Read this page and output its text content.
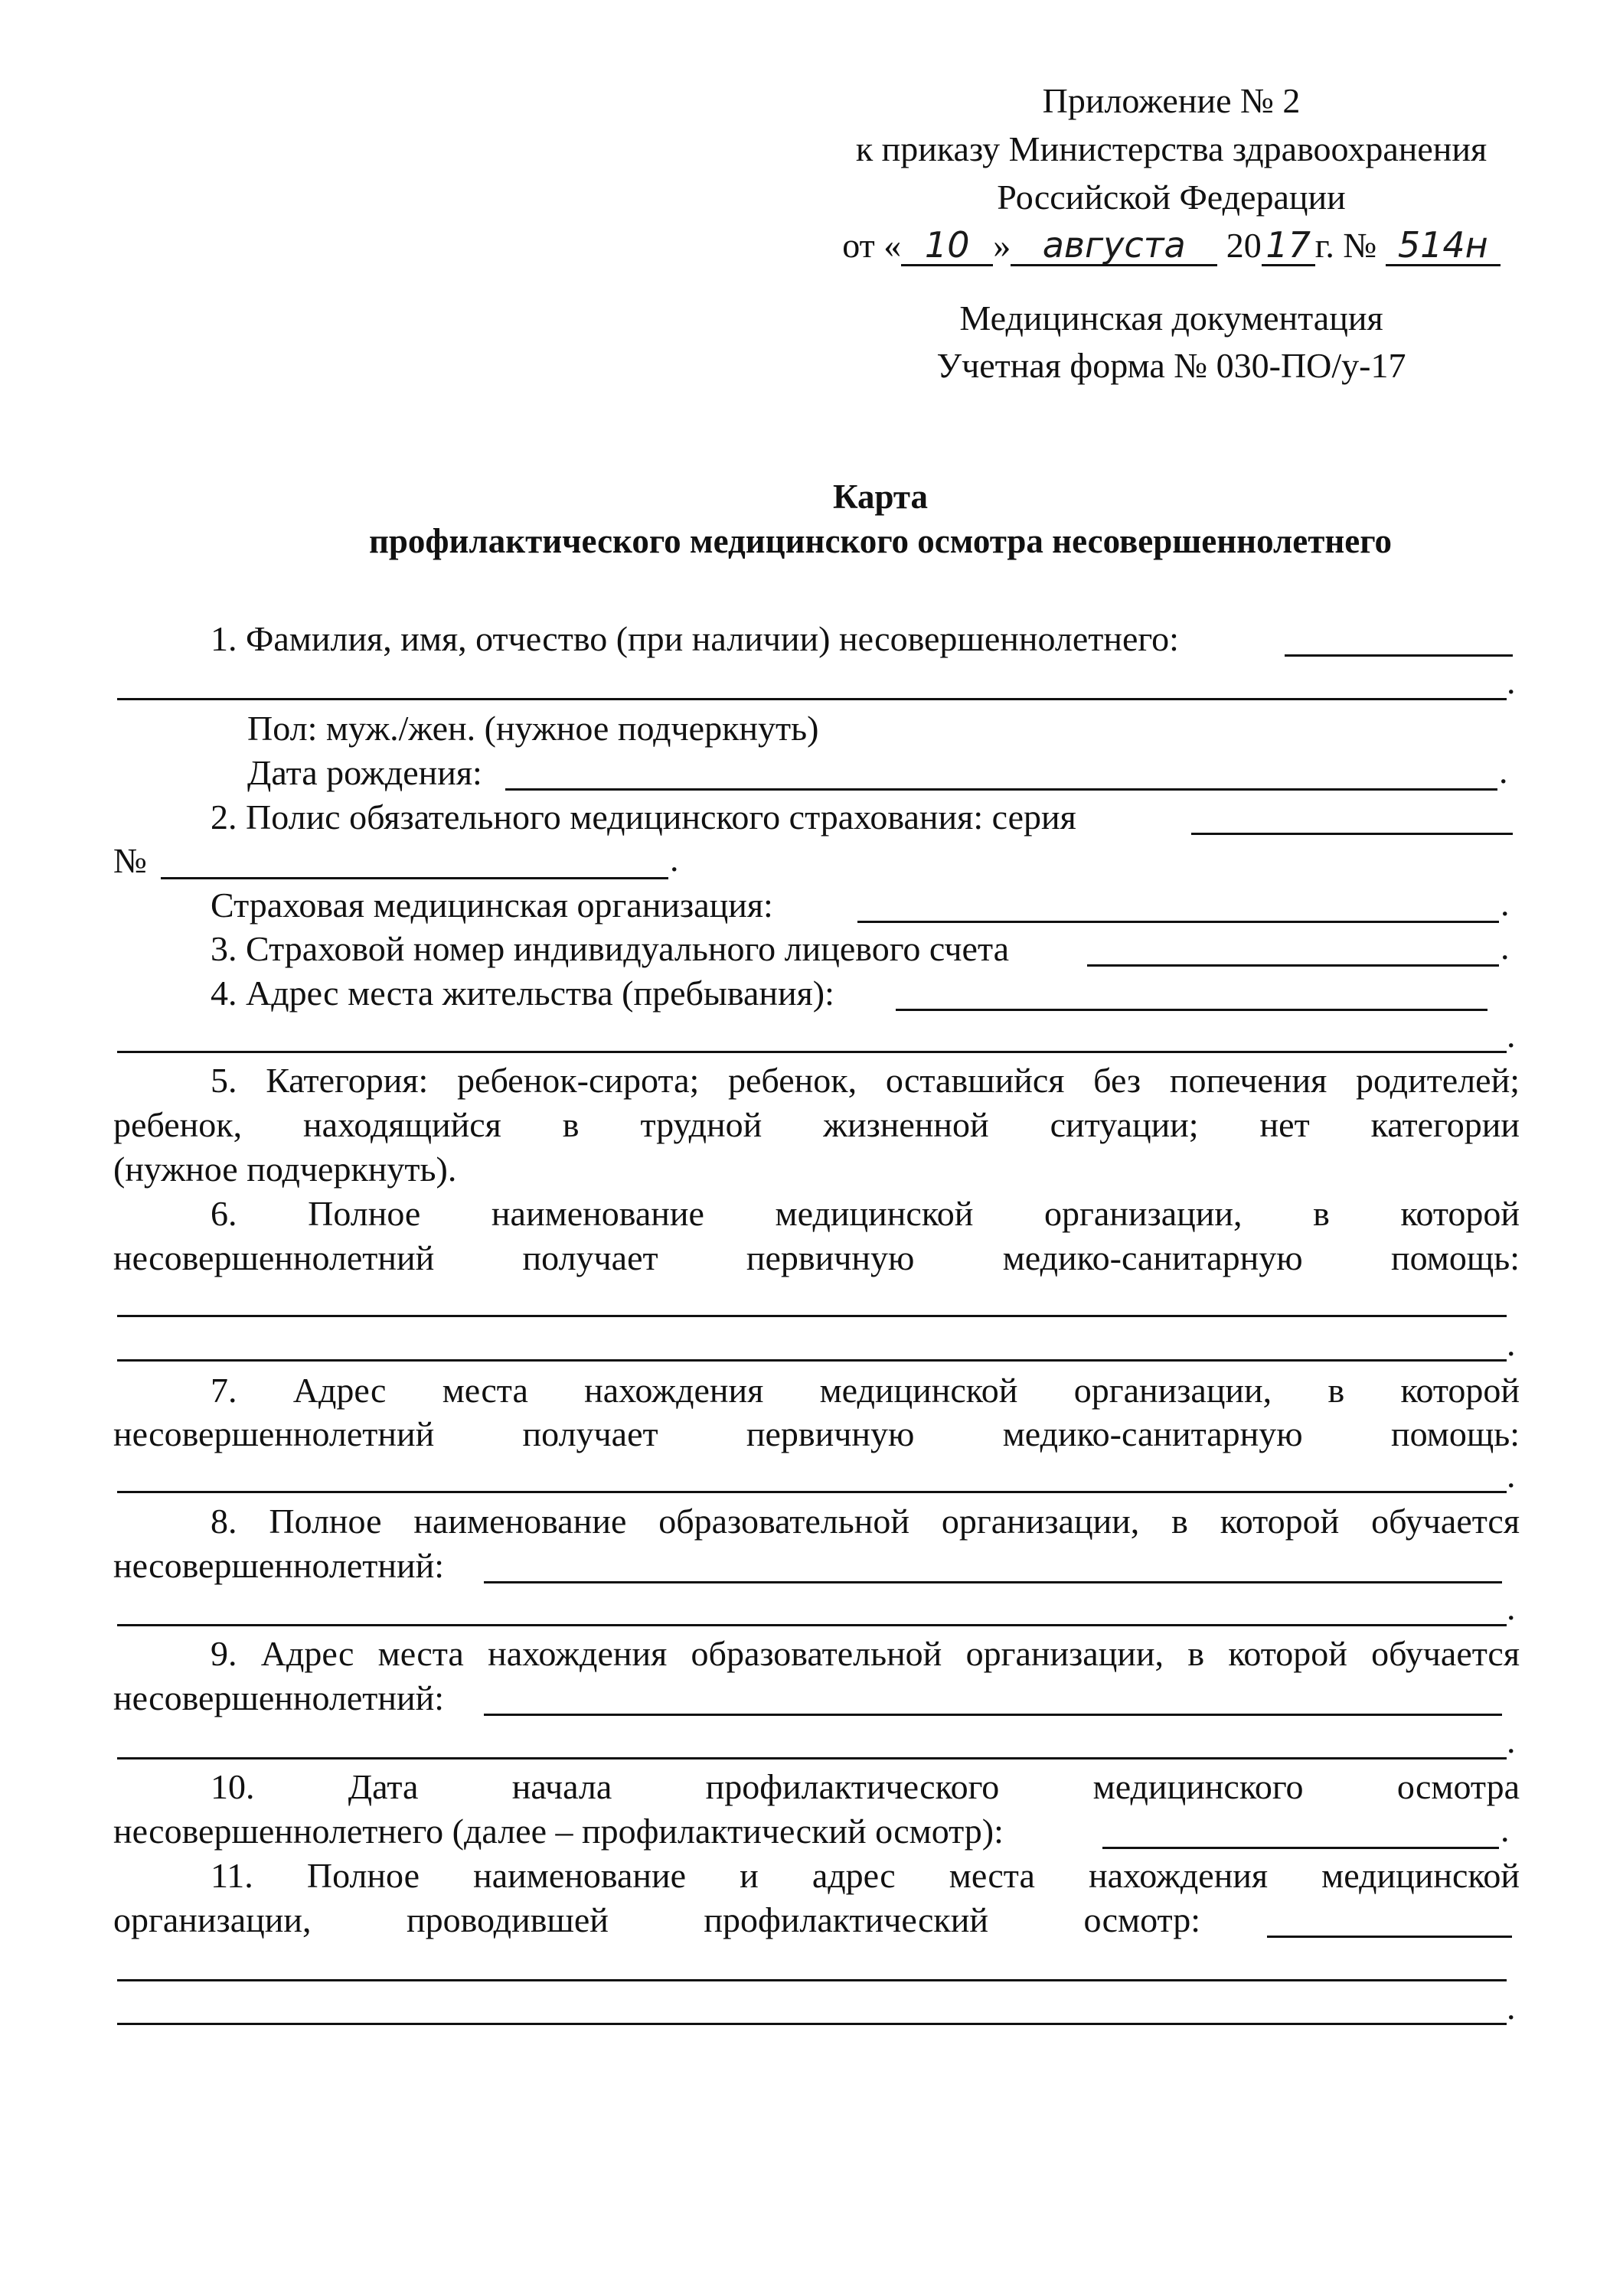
Приложение № 2
к приказу Министерства здравоохранения
Российской Федерации
от « 10 » августа 20 17 г. № 514н
Медицинская документация
Учетная форма № 030-ПО/у-17
Карта
профилактического медицинского осмотра несовершеннолетнего
1. Фамилия, имя, отчество (при наличии) несовершеннолетнего:
.
Пол: муж./жен. (нужное подчеркнуть)
Дата рождения:	.
2. Полис обязательного медицинского страхования: серия
№	.
Страховая медицинская организация:	.
3. Страховой номер индивидуального лицевого счета	.
4. Адрес места жительства (пребывания):
.
5. Категория: ребенок-сирота; ребенок, оставшийся без попечения родителей;
ребенок, находящийся в трудной жизненной ситуации; нет категории
(нужное подчеркнуть).
6. Полное наименование медицинской организации, в которой
несовершеннолетний получает первичную медико-санитарную помощь:
.
7. Адрес места нахождения медицинской организации, в которой
несовершеннолетний получает первичную медико-санитарную помощь:
.
8. Полное наименование образовательной организации, в которой обучается
несовершеннолетний:
.
9. Адрес места нахождения образовательной организации, в которой обучается
несовершеннолетний:
.
10. Дата начала профилактического медицинского осмотра
несовершеннолетнего (далее – профилактический осмотр):	.
11. Полное наименование и адрес места нахождения медицинской
организации, проводившей профилактический осмотр:
.
